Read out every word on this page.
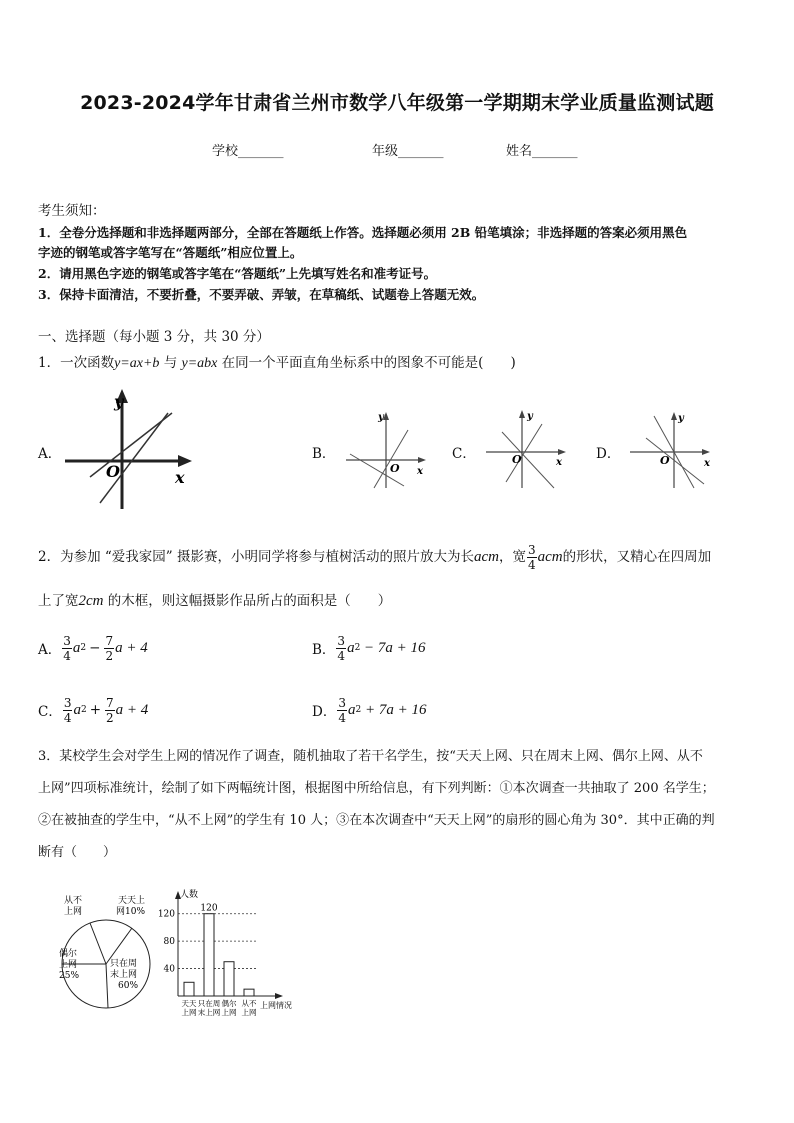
2023-2024学年甘肃省兰州市数学八年级第一学期期末学业质量监测试题
学校_______	年级_______	姓名_______
考生须知：
1．全卷分选择题和非选择题两部分，全部在答题纸上作答。选择题必须用 2B 铅笔填涂；非选择题的答案必须用黑色
字迹的钢笔或答字笔写在“答题纸”相应位置上。
2．请用黑色字迹的钢笔或答字笔在“答题纸”上先填写姓名和准考证号。
3．保持卡面清洁，不要折叠，不要弄破、弄皱，在草稿纸、试题卷上答题无效。
一、选择题（每小题 3 分，共 30 分）
1．一次函数y=ax+b 与 y=abx 在同一个平面直角坐标系中的图象不可能是(　　)
A．	B．	C．	D．
y
x
O
y
x
O
y
x
O
y
x
O
2．为参加 “爱我家园” 摄影赛，小明同学将参与植树活动的照片放大为长 acm ，宽 $\frac{3}{4}$ acm 的形状，又精心在四周加
上了宽2cm 的木框，则这幅摄影作品所占的面积是（　　）
A． $\frac{3}{4}$ a $2 - \frac{7}{2}$ a + 4	B． $\frac{3}{4}$ a 2 − 7a + 16
C． $\frac{3}{4}$ a $2 + \frac{7}{2}$ a + 4	D． $\frac{3}{4}$ a 2 + 7a + 16
3．某校学生会对学生上网的情况作了调查，随机抽取了若干名学生，按“天天上网、只在周末上网、偶尔上网、从不
上网”四项标准统计，绘制了如下两幅统计图，根据图中所给信息，有下列判断：①本次调查一共抽取了 200 名学生；
②在被抽查的学生中，“从不上网”的学生有 10 人；③在本次调查中“天天上网”的扇形的圆心角为 30°．其中正确的判
断有（　　）
从不
上网
天天上
网10%
偶尔
上网
25%
只在周
末上网
60%
40
80
120
人数
上网情况
天天
上网
只在周
末上网
偶尔
上网
从不
上网
120
